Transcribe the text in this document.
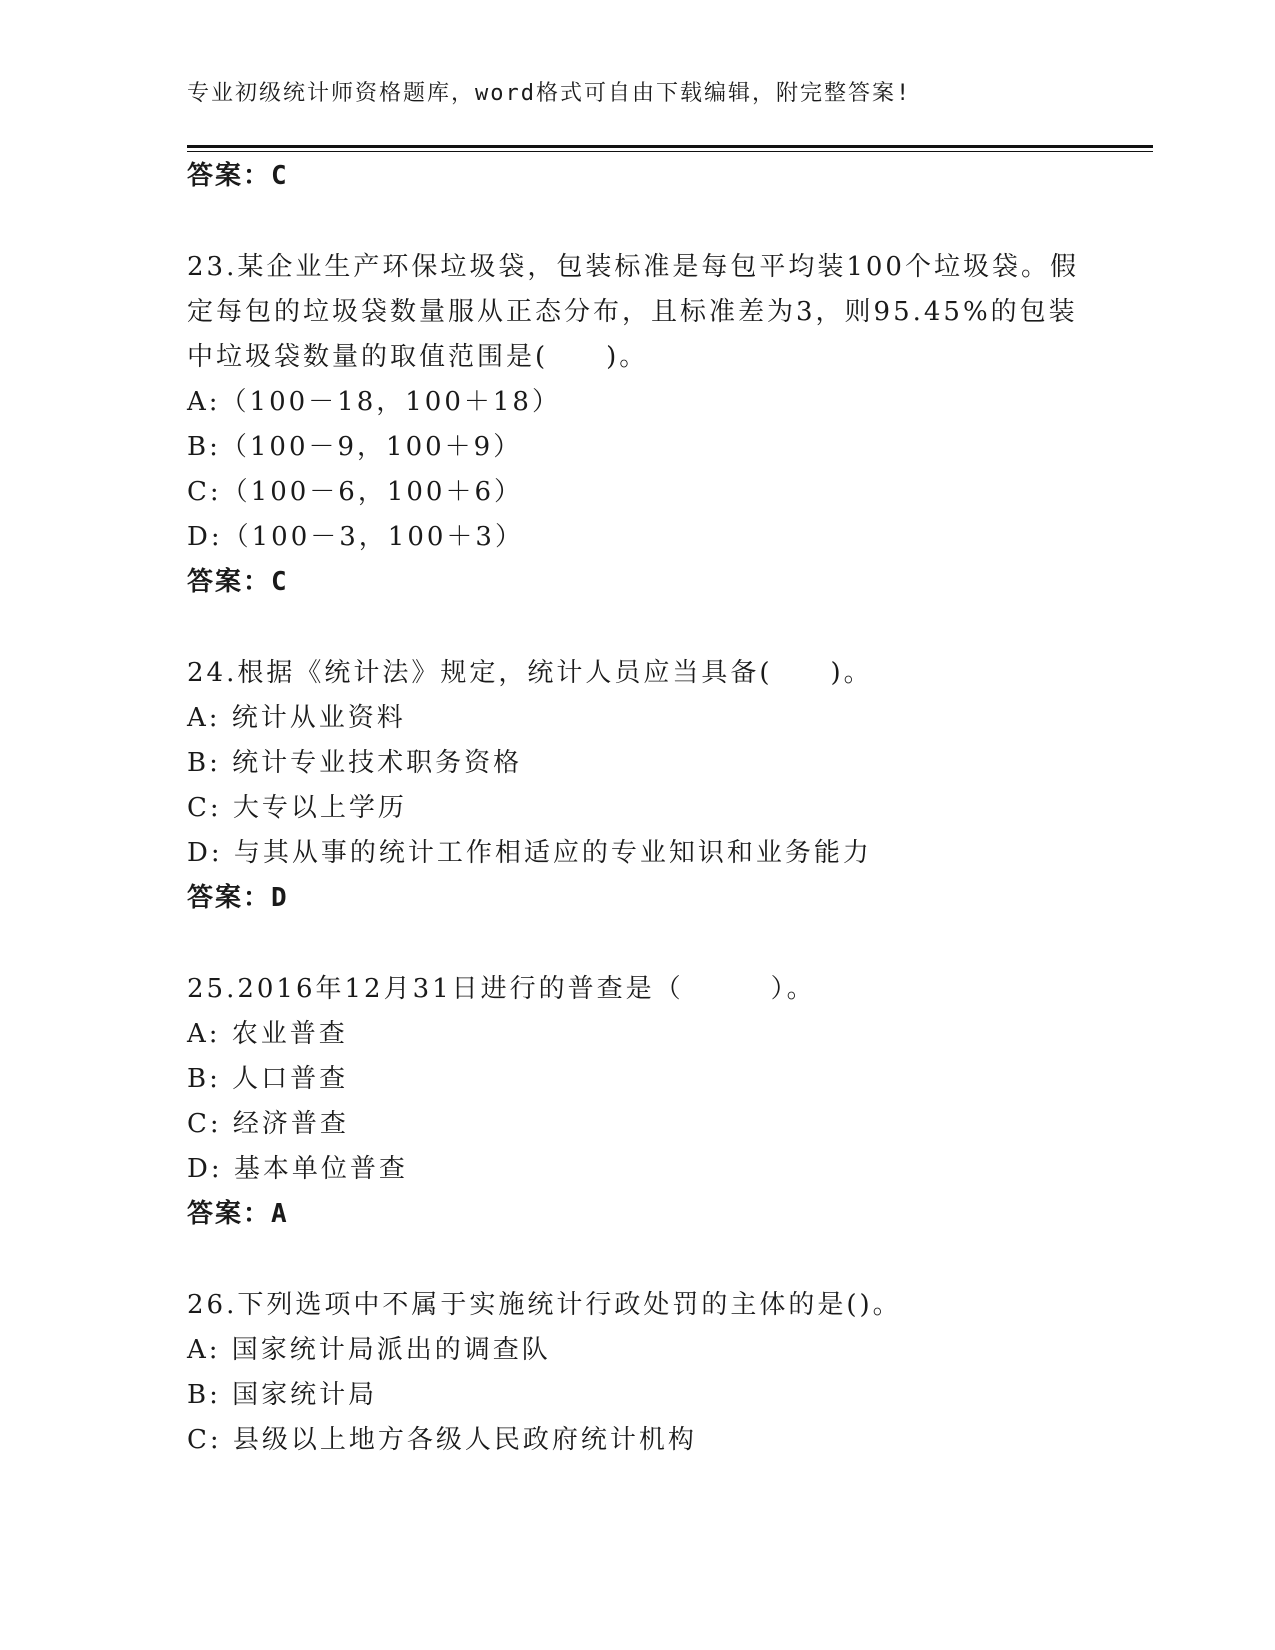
专业初级统计师资格题库，word格式可自由下载编辑，附完整答案!
答案：C
23.某企业生产环保垃圾袋，包装标准是每包平均装100个垃圾袋。假
定每包的垃圾袋数量服从正态分布，且标准差为3，则95.45%的包装
中垃圾袋数量的取值范围是(　　)。
A:（100－18，100＋18）
B:（100－9，100＋9）
C:（100－6，100＋6）
D:（100－3，100＋3）
答案：C
24.根据《统计法》规定，统计人员应当具备(　　)。
A: 统计从业资料
B: 统计专业技术职务资格
C: 大专以上学历
D: 与其从事的统计工作相适应的专业知识和业务能力
答案：D
25.2016年12月31日进行的普查是（　　　）。
A: 农业普查
B: 人口普查
C: 经济普查
D: 基本单位普查
答案：A
26.下列选项中不属于实施统计行政处罚的主体的是()。
A: 国家统计局派出的调查队
B: 国家统计局
C: 县级以上地方各级人民政府统计机构
